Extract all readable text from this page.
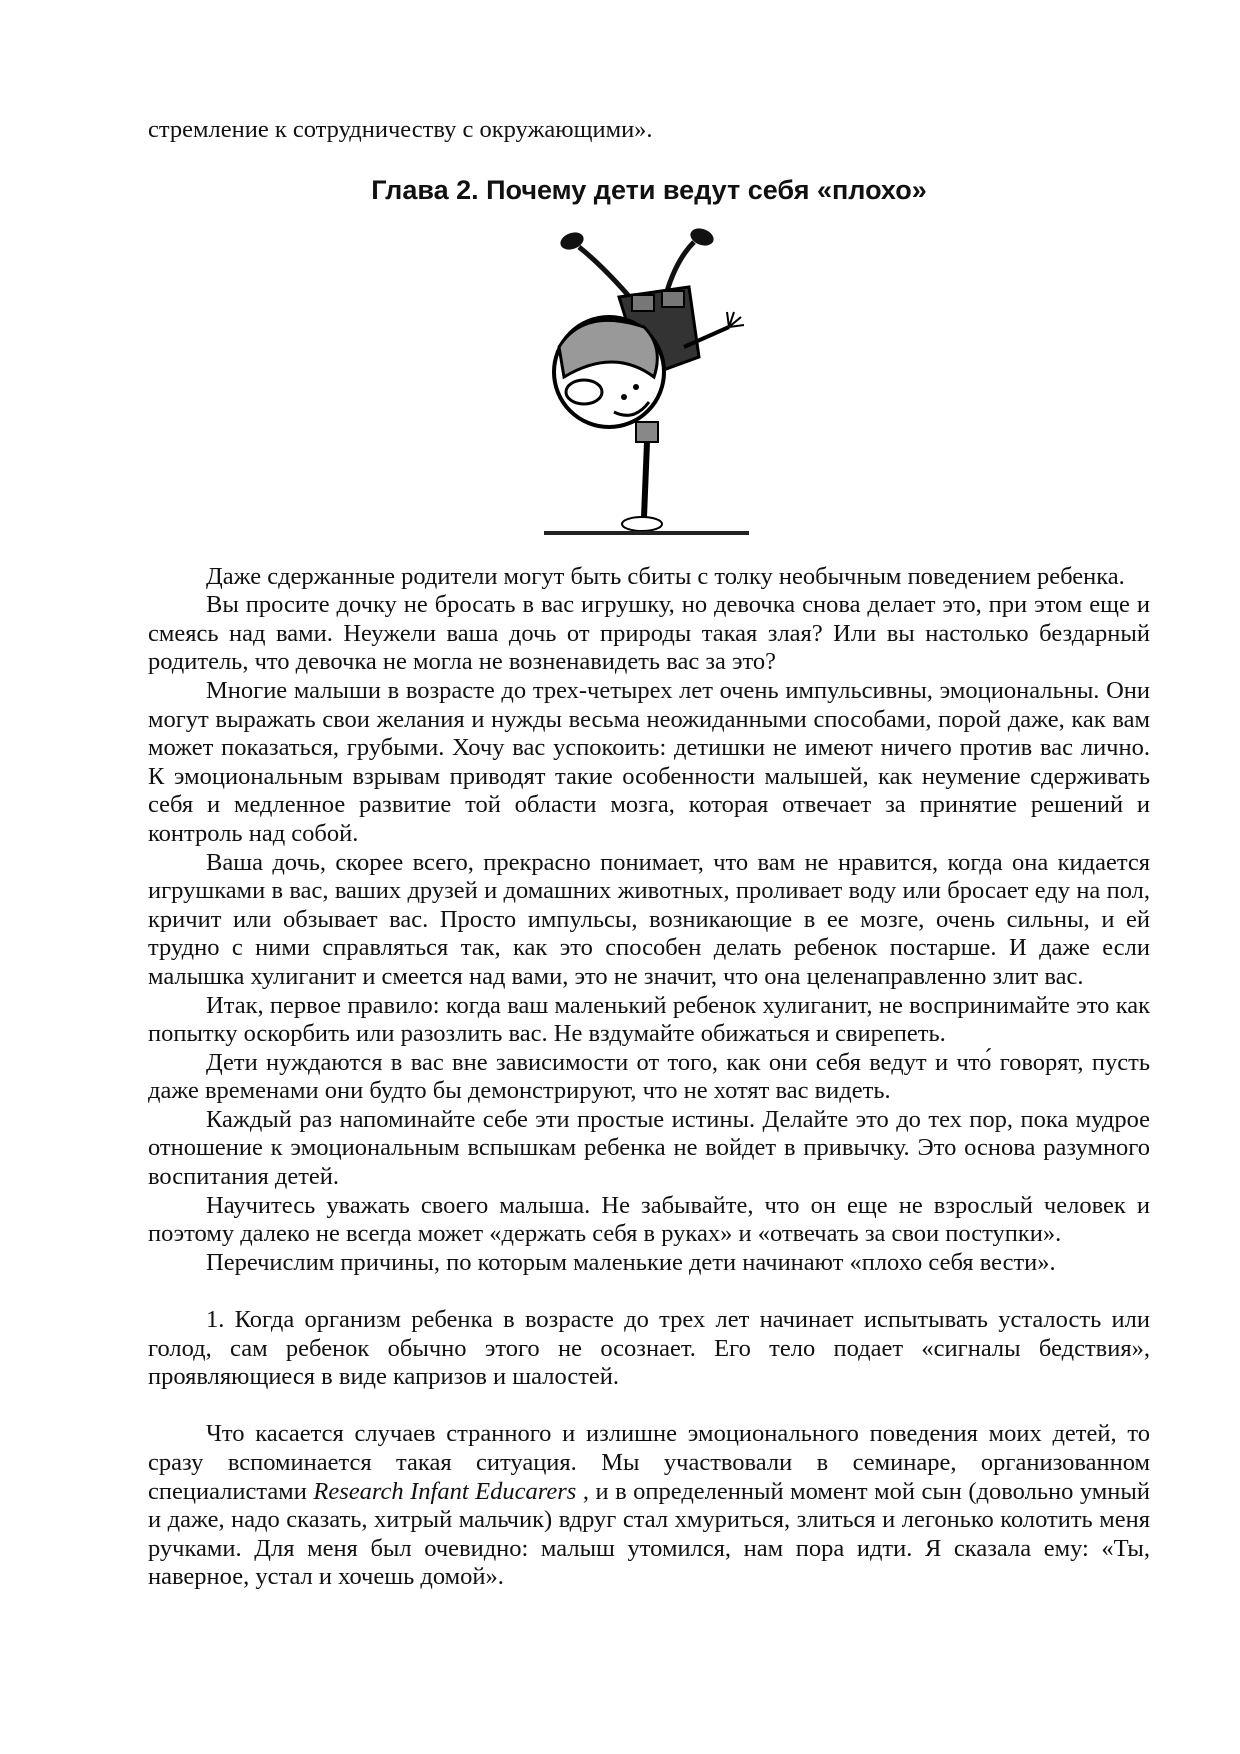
стремление к сотрудничеству с окружающими».

Глава 2. Почему дети ведут себя «плохо»

Даже сдержанные родители могут быть сбиты с толку необычным поведением ребенка.

Вы просите дочку не бросать в вас игрушку, но девочка снова делает это, при этом еще и смеясь над вами. Неужели ваша дочь от природы такая злая? Или вы настолько бездарный родитель, что девочка не могла не возненавидеть вас за это?

Многие малыши в возрасте до трех-четырех лет очень импульсивны, эмоциональны. Они могут выражать свои желания и нужды весьма неожиданными способами, порой даже, как вам может показаться, грубыми. Хочу вас успокоить: детишки не имеют ничего против вас лично. К эмоциональным взрывам приводят такие особенности малышей, как неумение сдерживать себя и медленное развитие той области мозга, которая отвечает за принятие решений и контроль над собой.

Ваша дочь, скорее всего, прекрасно понимает, что вам не нравится, когда она кидается игрушками в вас, ваших друзей и домашних животных, проливает воду или бросает еду на пол, кричит или обзывает вас. Просто импульсы, возникающие в ее мозге, очень сильны, и ей трудно с ними справляться так, как это способен делать ребенок постарше. И даже если малышка хулиганит и смеется над вами, это не значит, что она целенаправленно злит вас.

Итак, первое правило: когда ваш маленький ребенок хулиганит, не воспринимайте это как попытку оскорбить или разозлить вас. Не вздумайте обижаться и свирепеть.

Дети нуждаются в вас вне зависимости от того, как они себя ведут и что́ говорят, пусть даже временами они будто бы демонстрируют, что не хотят вас видеть.

Каждый раз напоминайте себе эти простые истины. Делайте это до тех пор, пока мудрое отношение к эмоциональным вспышкам ребенка не войдет в привычку. Это основа разумного воспитания детей.

Научитесь уважать своего малыша. Не забывайте, что он еще не взрослый человек и поэтому далеко не всегда может «держать себя в руках» и «отвечать за свои поступки».

Перечислим причины, по которым маленькие дети начинают «плохо себя вести».

1. Когда организм ребенка в возрасте до трех лет начинает испытывать усталость или голод, сам ребенок обычно этого не осознает. Его тело подает «сигналы бедствия», проявляющиеся в виде капризов и шалостей.

Что касается случаев странного и излишне эмоционального поведения моих детей, то сразу вспоминается такая ситуация. Мы участвовали в семинаре, организованном специалистами Research Infant Educarers , и в определенный момент мой сын (довольно умный и даже, надо сказать, хитрый мальчик) вдруг стал хмуриться, злиться и легонько колотить меня ручками. Для меня был очевидно: малыш утомился, нам пора идти. Я сказала ему: «Ты, наверное, устал и хочешь домой».
